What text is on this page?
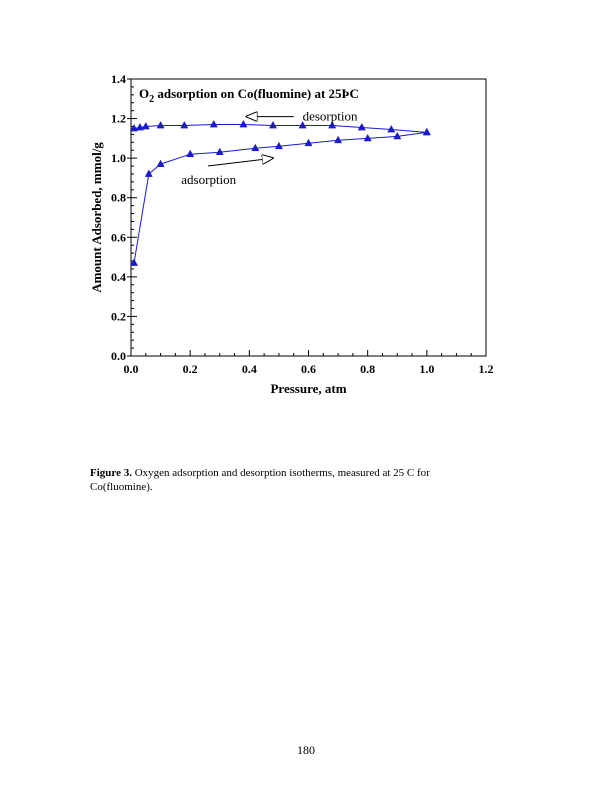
0.0	0.2	0.4	0.6	0.8	1.0	1.2
0.0
0.2
0.4
0.6
0.8
1.0
1.2
1.4
desorption
adsorption
$O_2$ adsorption on Co(fluomine) at 25ÞC
Pressure, atm
Amount Adsorbed, mmol/g
Figure 3. Oxygen adsorption and desorption isotherms, measured at 25 C for Co(fluomine).
180
